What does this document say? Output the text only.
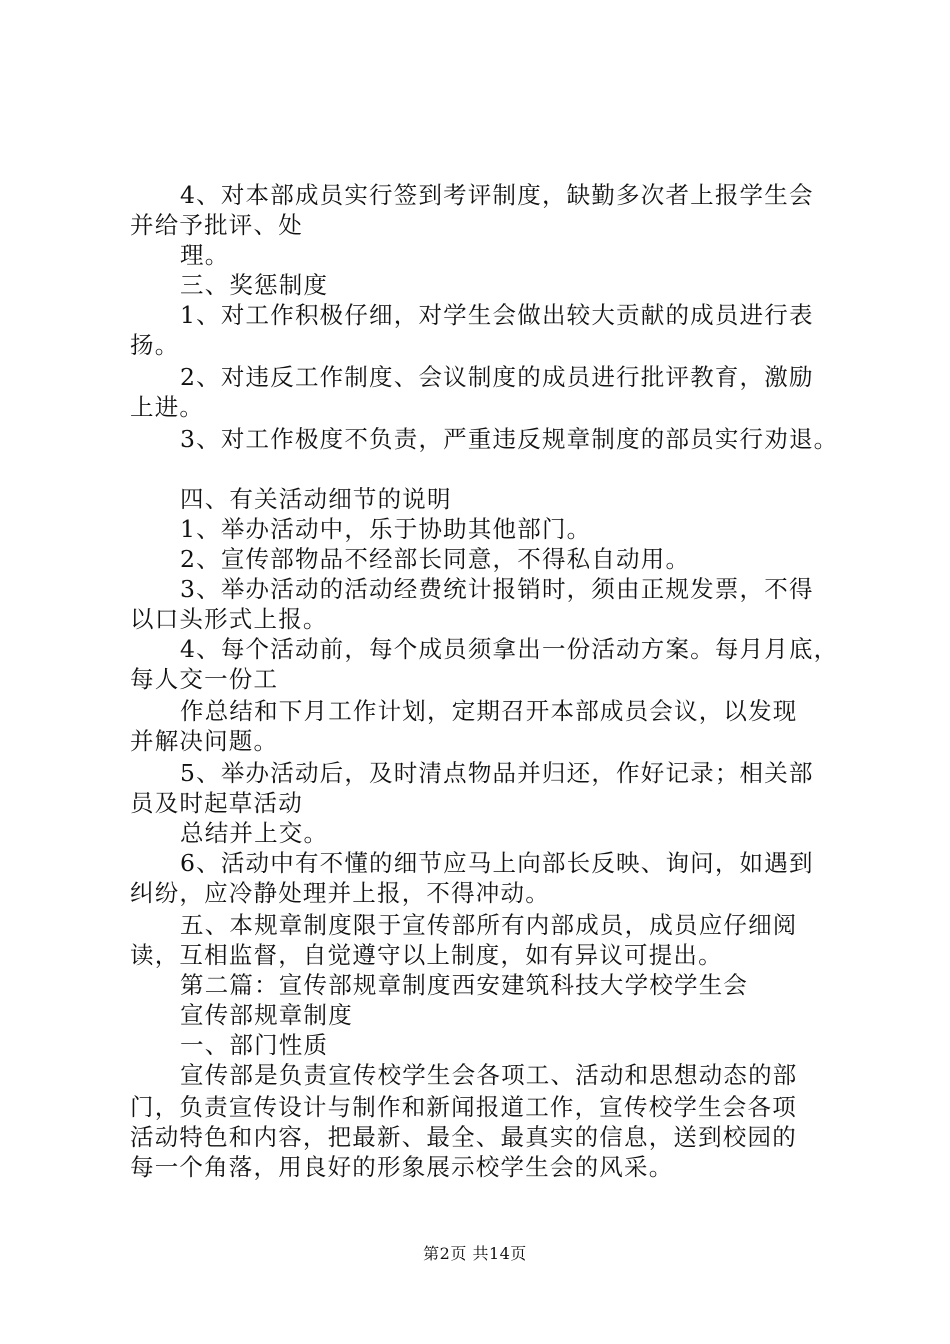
4、对本部成员实行签到考评制度，缺勤多次者上报学生会
并给予批评、处
理。
三、奖惩制度
1、对工作积极仔细，对学生会做出较大贡献的成员进行表
扬。
2、对违反工作制度、会议制度的成员进行批评教育，激励
上进。
3、对工作极度不负责，严重违反规章制度的部员实行劝退。
四、有关活动细节的说明
1、举办活动中，乐于协助其他部门。
2、宣传部物品不经部长同意，不得私自动用。
3、举办活动的活动经费统计报销时，须由正规发票，不得
以口头形式上报。
4、每个活动前，每个成员须拿出一份活动方案。每月月底，
每人交一份工
作总结和下月工作计划，定期召开本部成员会议，以发现
并解决问题。
5、举办活动后，及时清点物品并归还，作好记录；相关部
员及时起草活动
总结并上交。
6、活动中有不懂的细节应马上向部长反映、询问，如遇到
纠纷，应冷静处理并上报，不得冲动。
五、本规章制度限于宣传部所有内部成员，成员应仔细阅
读，互相监督，自觉遵守以上制度，如有异议可提出。
第二篇：宣传部规章制度西安建筑科技大学校学生会
宣传部规章制度
一、部门性质
宣传部是负责宣传校学生会各项工、活动和思想动态的部
门，负责宣传设计与制作和新闻报道工作，宣传校学生会各项
活动特色和内容，把最新、最全、最真实的信息，送到校园的
每一个角落，用良好的形象展示校学生会的风采。
第2页 共14页
